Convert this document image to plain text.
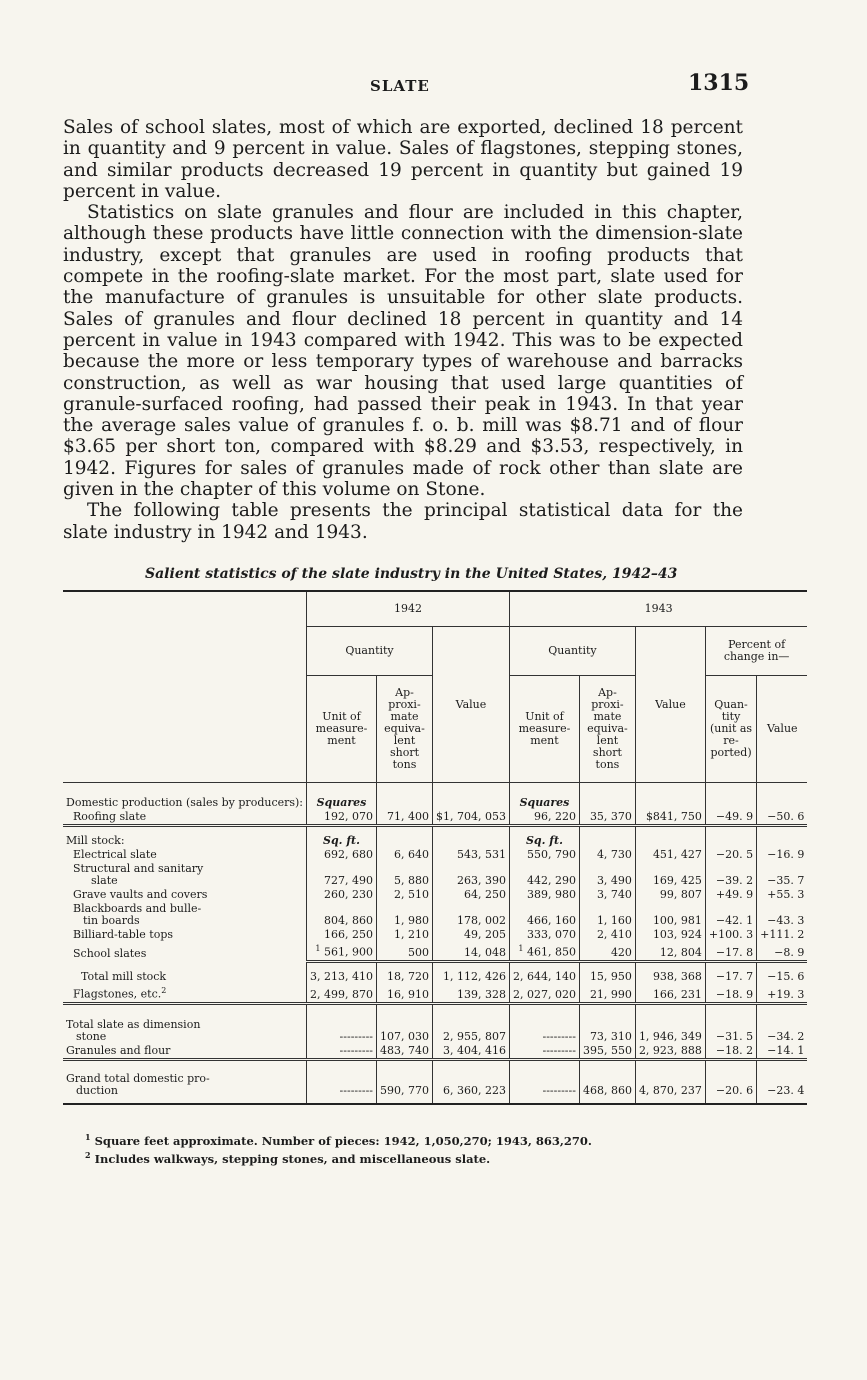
SLATE	1315

Sales of school slates, most of which are exported, declined 18 percent in quantity and 9 percent in value. Sales of flagstones, stepping stones, and similar products decreased 19 percent in quantity but gained 19 percent in value.

Statistics on slate granules and flour are included in this chapter, although these products have little connection with the dimension-slate industry, except that granules are used in roofing products that compete in the roofing-slate market. For the most part, slate used for the manufacture of granules is unsuitable for other slate products. Sales of granules and flour declined 18 percent in quantity and 14 percent in value in 1943 compared with 1942. This was to be expected because the more or less temporary types of warehouse and barracks construction, as well as war housing that used large quantities of granule-surfaced roofing, had passed their peak in 1943. In that year the average sales value of granules f. o. b. mill was $8.71 and of flour $3.65 per short ton, compared with $8.29 and $3.53, respectively, in 1942. Figures for sales of granules made of rock other than slate are given in the chapter of this volume on Stone.

The following table presents the principal statistical data for the slate industry in 1942 and 1943.

Salient statistics of the slate industry in the United States, 1942–43
	1942			1943				
	Quantity		Value	Quantity		Value	Percent of change in—	
	Unit of measure-ment	Ap-proxi-mate equiva-lent short tons		Unit of measure-ment	Ap-proxi-mate equiva-lent short tons		Quan-tity (unit as re-ported)	Value
Domestic production (sales by producers):	Squares			Squares				
Roofing slate	192, 070	71, 400	$1, 704, 053	96, 220	35, 370	$841, 750	−49. 9	−50. 6
Mill stock:	Sq. ft.			Sq. ft.				
Electrical slate	692, 680	6, 640	543, 531	550, 790	4, 730	451, 427	−20. 5	−16. 9
Structural and sanitary
slate	727, 490	5, 880	263, 390	442, 290	3, 490	169, 425	−39. 2	−35. 7
Grave vaults and covers	260, 230	2, 510	64, 250	389, 980	3, 740	99, 807	+49. 9	+55. 3
Blackboards and bulle-
tin boards	804, 860	1, 980	178, 002	466, 160	1, 160	100, 981	−42. 1	−43. 3
Billiard-table tops	166, 250	1, 210	49, 205	333, 070	2, 410	103, 924	+100. 3	+111. 2
School slates	$^1$ 561, 900	500	14, 048	$^1$ 461, 850	420	12, 804	−17. 8	−8. 9
Total mill stock	3, 213, 410	18, 720	1, 112, 426	2, 644, 140	15, 950	938, 368	−17. 7	−15. 6
Flagstones, etc.$^2$	2, 499, 870	16, 910	139, 328	2, 027, 020	21, 990	166, 231	−18. 9	+19. 3
Total slate as dimension
stone	---------	107, 030	2, 955, 807	---------	73, 310	1, 946, 349	−31. 5	−34. 2
Granules and flour	---------	483, 740	3, 404, 416	---------	395, 550	2, 923, 888	−18. 2	−14. 1
Grand total domestic pro-
duction	---------	590, 770	6, 360, 223	---------	468, 860	4, 870, 237	−20. 6	−23. 4

$^1$ Square feet approximate. Number of pieces: 1942, 1,050,270; 1943, 863,270.

$^2$ Includes walkways, stepping stones, and miscellaneous slate.
